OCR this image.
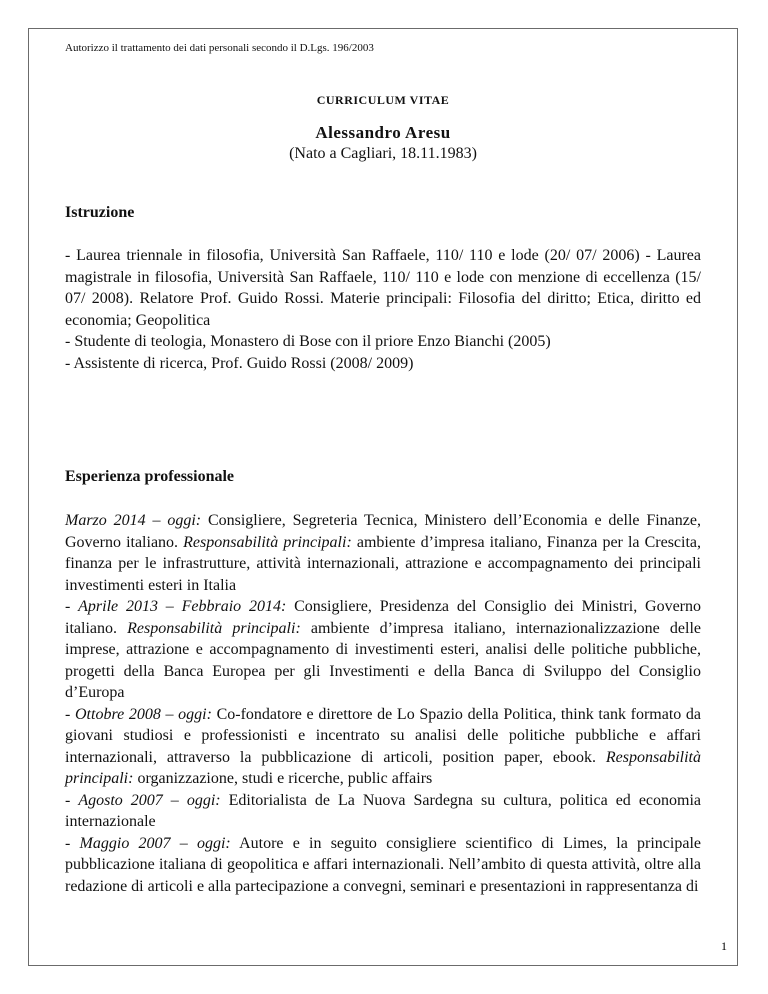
Autorizzo il trattamento dei dati personali secondo il D.Lgs. 196/2003

CURRICULUM VITAE

Alessandro Aresu

(Nato a Cagliari, 18.11.1983)

Istruzione

- Laurea triennale in filosofia, Università San Raffaele, 110/ 110 e lode (20/ 07/ 2006) - Laurea magistrale in filosofia, Università San Raffaele, 110/ 110 e lode con menzione di eccellenza (15/ 07/ 2008). Relatore Prof. Guido Rossi. Materie principali: Filosofia del diritto; Etica, diritto ed economia; Geopolitica

- Studente di teologia, Monastero di Bose con il priore Enzo Bianchi (2005)

- Assistente di ricerca, Prof. Guido Rossi (2008/ 2009)

Esperienza professionale

Marzo 2014 – oggi: Consigliere, Segreteria Tecnica, Ministero dell’Economia e delle Finanze, Governo italiano. Responsabilità principali: ambiente d’impresa italiano, Finanza per la Crescita, finanza per le infrastrutture, attività internazionali, attrazione e accompagnamento dei principali investimenti esteri in Italia

- Aprile 2013 – Febbraio 2014: Consigliere, Presidenza del Consiglio dei Ministri, Governo italiano. Responsabilità principali: ambiente d’impresa italiano, internazionalizzazione delle imprese, attrazione e accompagnamento di investimenti esteri, analisi delle politiche pubbliche, progetti della Banca Europea per gli Investimenti e della Banca di Sviluppo del Consiglio d’Europa

- Ottobre 2008 – oggi: Co-fondatore e direttore de Lo Spazio della Politica, think tank formato da giovani studiosi e professionisti e incentrato su analisi delle politiche pubbliche e affari internazionali, attraverso la pubblicazione di articoli, position paper, ebook. Responsabilità principali: organizzazione, studi e ricerche, public affairs

- Agosto 2007 – oggi: Editorialista de La Nuova Sardegna su cultura, politica ed economia internazionale

- Maggio 2007 – oggi: Autore e in seguito consigliere scientifico di Limes, la principale pubblicazione italiana di geopolitica e affari internazionali. Nell’ambito di questa attività, oltre alla redazione di articoli e alla partecipazione a convegni, seminari e presentazioni in rappresentanza di

1
